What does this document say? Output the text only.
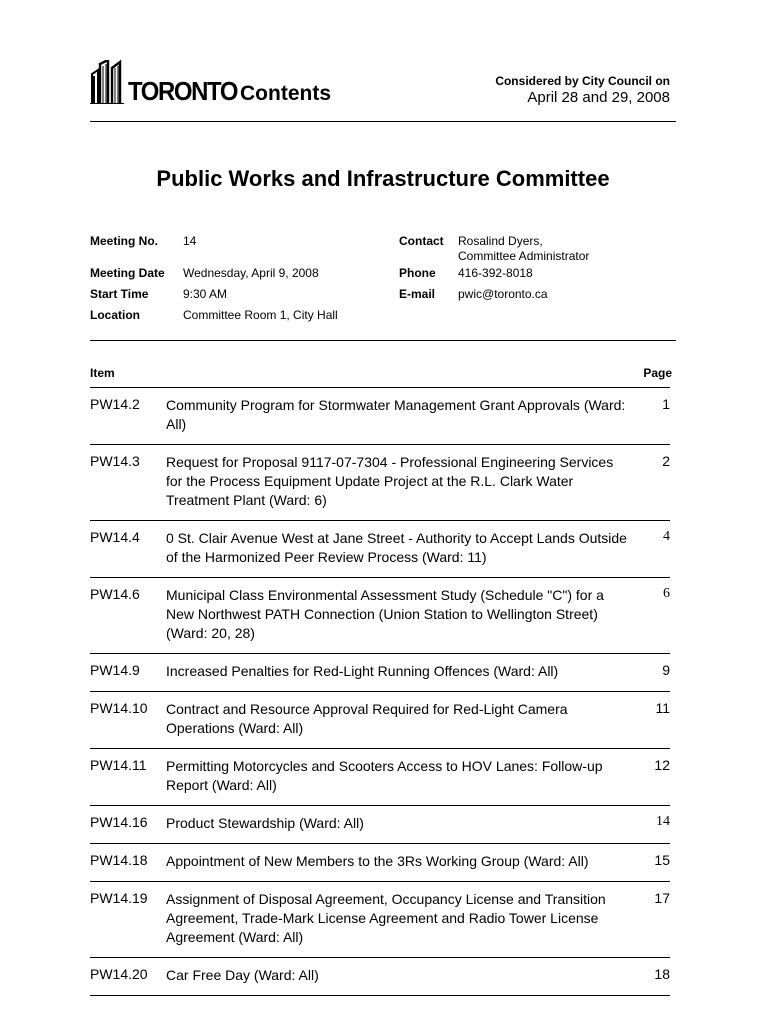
TORONTO Contents
Considered by City Council on
April 28 and 29, 2008
Public Works and Infrastructure Committee
Meeting No. 14
Meeting Date Wednesday, April 9, 2008
Start Time	9:30 AM
Location	Committee Room 1, City Hall
Contact Rosalind Dyers,
Committee Administrator
Phone 416-392-8018
E-mail pwic@toronto.ca
Item	Page
PW14.2 Community Program for Stormwater Management Grant Approvals (Ward: All)
1
PW14.3 Request for Proposal 9117-07-7304 - Professional Engineering Services for the Process Equipment Update Project at the R.L. Clark Water Treatment Plant (Ward: 6)
2
PW14.4 0 St. Clair Avenue West at Jane Street - Authority to Accept Lands Outside of the Harmonized Peer Review Process (Ward: 11)
4
PW14.6 Municipal Class Environmental Assessment Study (Schedule "C") for a New Northwest PATH Connection (Union Station to Wellington Street) (Ward: 20, 28)
6
PW14.9 Increased Penalties for Red-Light Running Offences (Ward: All)	9
PW14.10 Contract and Resource Approval Required for Red-Light Camera Operations (Ward: All)
11
PW14.11 Permitting Motorcycles and Scooters Access to HOV Lanes: Follow-up Report (Ward: All)
12
PW14.16 Product Stewardship (Ward: All)	14
PW14.18 Appointment of New Members to the 3Rs Working Group (Ward: All)	15
PW14.19 Assignment of Disposal Agreement, Occupancy License and Transition Agreement, Trade-Mark License Agreement and Radio Tower License Agreement (Ward: All)
17
PW14.20 Car Free Day (Ward: All)	18
